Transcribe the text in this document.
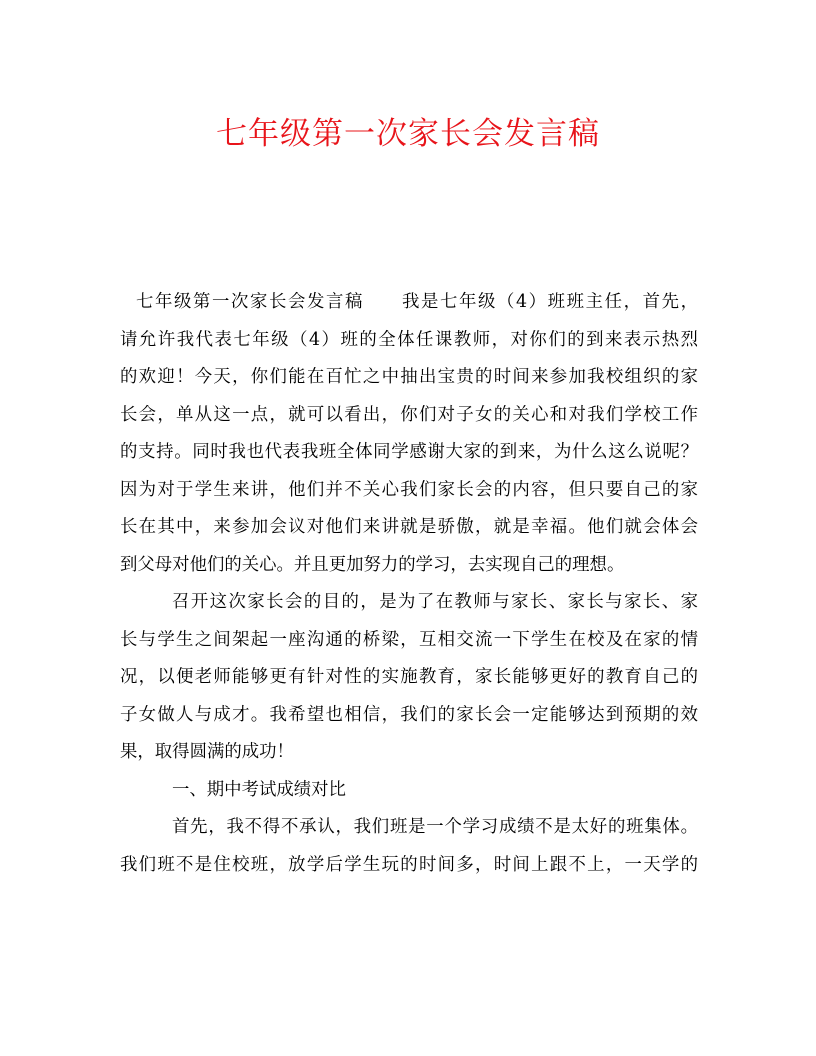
七年级第一次家长会发言稿
七年级第一次家长会发言稿　　我是七年级（4）班班主任，首先，
请允许我代表七年级（4）班的全体任课教师，对你们的到来表示热烈
的欢迎！今天，你们能在百忙之中抽出宝贵的时间来参加我校组织的家
长会，单从这一点，就可以看出，你们对子女的关心和对我们学校工作
的支持。同时我也代表我班全体同学感谢大家的到来，为什么这么说呢？
因为对于学生来讲，他们并不关心我们家长会的内容，但只要自己的家
长在其中，来参加会议对他们来讲就是骄傲，就是幸福。他们就会体会
到父母对他们的关心。并且更加努力的学习，去实现自己的理想。
召开这次家长会的目的，是为了在教师与家长、家长与家长、家
长与学生之间架起一座沟通的桥梁，互相交流一下学生在校及在家的情
况，以便老师能够更有针对性的实施教育，家长能够更好的教育自己的
子女做人与成才。我希望也相信，我们的家长会一定能够达到预期的效
果，取得圆满的成功！
一、期中考试成绩对比
首先，我不得不承认，我们班是一个学习成绩不是太好的班集体。
我们班不是住校班，放学后学生玩的时间多，时间上跟不上，一天学的
